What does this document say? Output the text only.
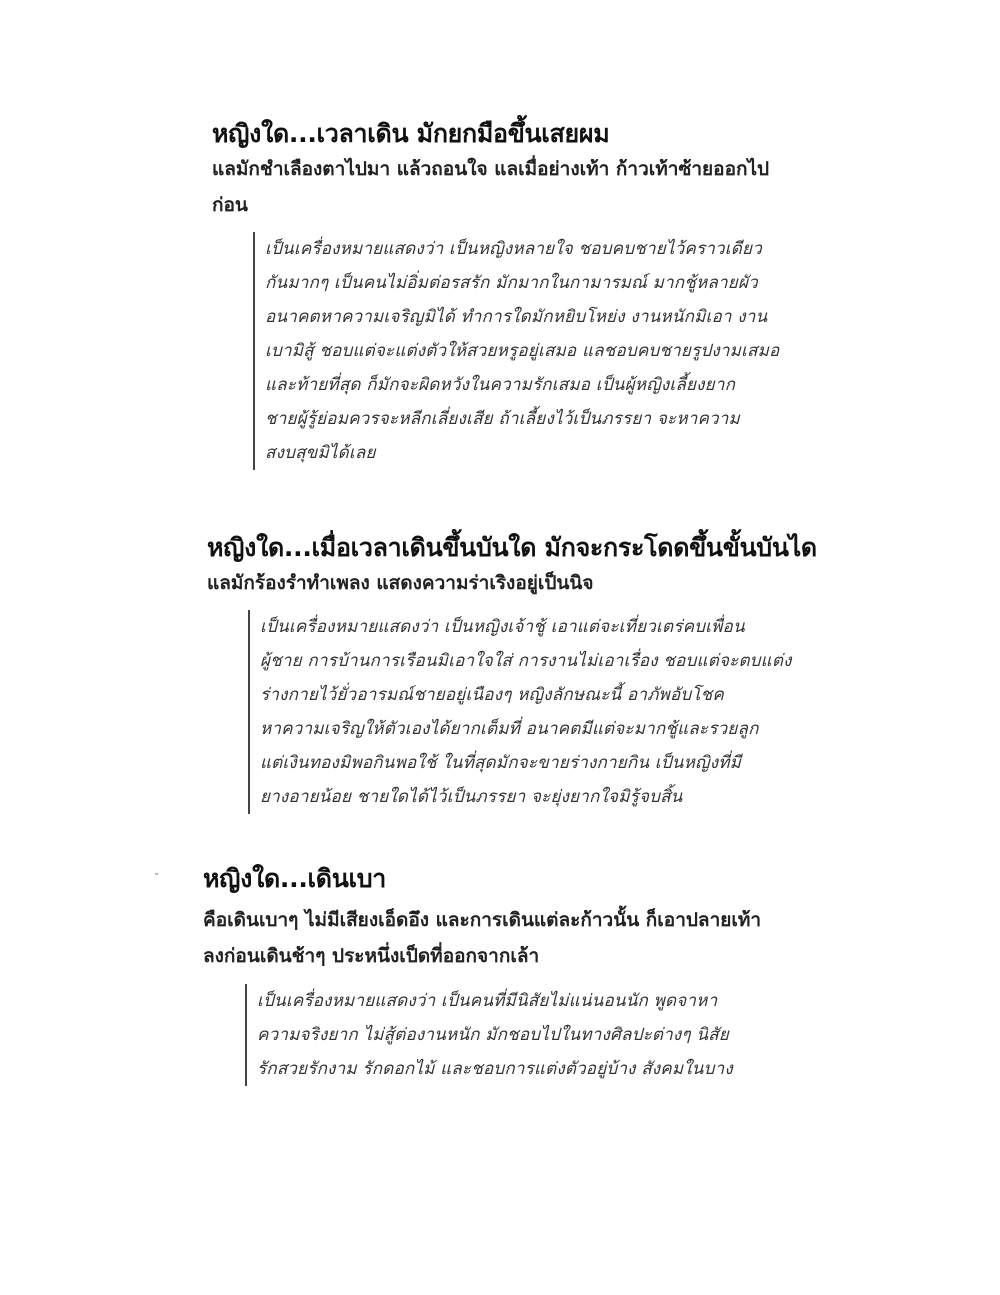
หญิงใด...เวลาเดิน มักยกมือขึ้นเสยผม
แลมักชำเลืองตาไปมา แล้วถอนใจ แลเมื่อย่างเท้า ก้าวเท้าซ้ายออกไป
ก่อน
เป็นเครื่องหมายแสดงว่า เป็นหญิงหลายใจ ชอบคบชายไว้คราวเดียว
กันมากๆ เป็นคนไม่อิ่มต่อรสรัก มักมากในกามารมณ์ มากชู้หลายผัว
อนาคตหาความเจริญมิได้ ทำการใดมักหยิบโหย่ง งานหนักมิเอา งาน
เบามิสู้ ชอบแต่จะแต่งตัวให้สวยหรูอยู่เสมอ แลชอบคบชายรูปงามเสมอ
และท้ายที่สุด ก็มักจะผิดหวังในความรักเสมอ เป็นผู้หญิงเลี้ยงยาก
ชายผู้รู้ย่อมควรจะหลีกเลี่ยงเสีย ถ้าเลี้ยงไว้เป็นภรรยา จะหาความ
สงบสุขมิได้เลย
หญิงใด...เมื่อเวลาเดินขึ้นบันใด มักจะกระโดดขึ้นขั้นบันได
แลมักร้องรำทำเพลง แสดงความร่าเริงอยู่เป็นนิจ
เป็นเครื่องหมายแสดงว่า เป็นหญิงเจ้าชู้ เอาแต่จะเที่ยวเตร่คบเพื่อน
ผู้ชาย การบ้านการเรือนมิเอาใจใส่ การงานไม่เอาเรื่อง ชอบแต่จะตบแต่ง
ร่างกายไว้ยั่วอารมณ์ชายอยู่เนืองๆ หญิงลักษณะนี้ อาภัพอับโชค
หาความเจริญให้ตัวเองได้ยากเต็มที่ อนาคตมีแต่จะมากชู้และรวยลูก
แต่เงินทองมิพอกินพอใช้ ในที่สุดมักจะขายร่างกายกิน เป็นหญิงที่มี
ยางอายน้อย ชายใดได้ไว้เป็นภรรยา จะยุ่งยากใจมิรู้จบสิ้น
หญิงใด...เดินเบา
คือเดินเบาๆ ไม่มีเสียงเอ็ดอึง และการเดินแต่ละก้าวนั้น ก็เอาปลายเท้า
ลงก่อนเดินช้าๆ ประหนึ่งเป็ดที่ออกจากเล้า
เป็นเครื่องหมายแสดงว่า เป็นคนที่มีนิสัยไม่แน่นอนนัก พูดจาหา
ความจริงยาก ไม่สู้ต่องานหนัก มักชอบไปในทางศิลปะต่างๆ นิสัย
รักสวยรักงาม รักดอกไม้ และชอบการแต่งตัวอยู่บ้าง สังคมในบาง
